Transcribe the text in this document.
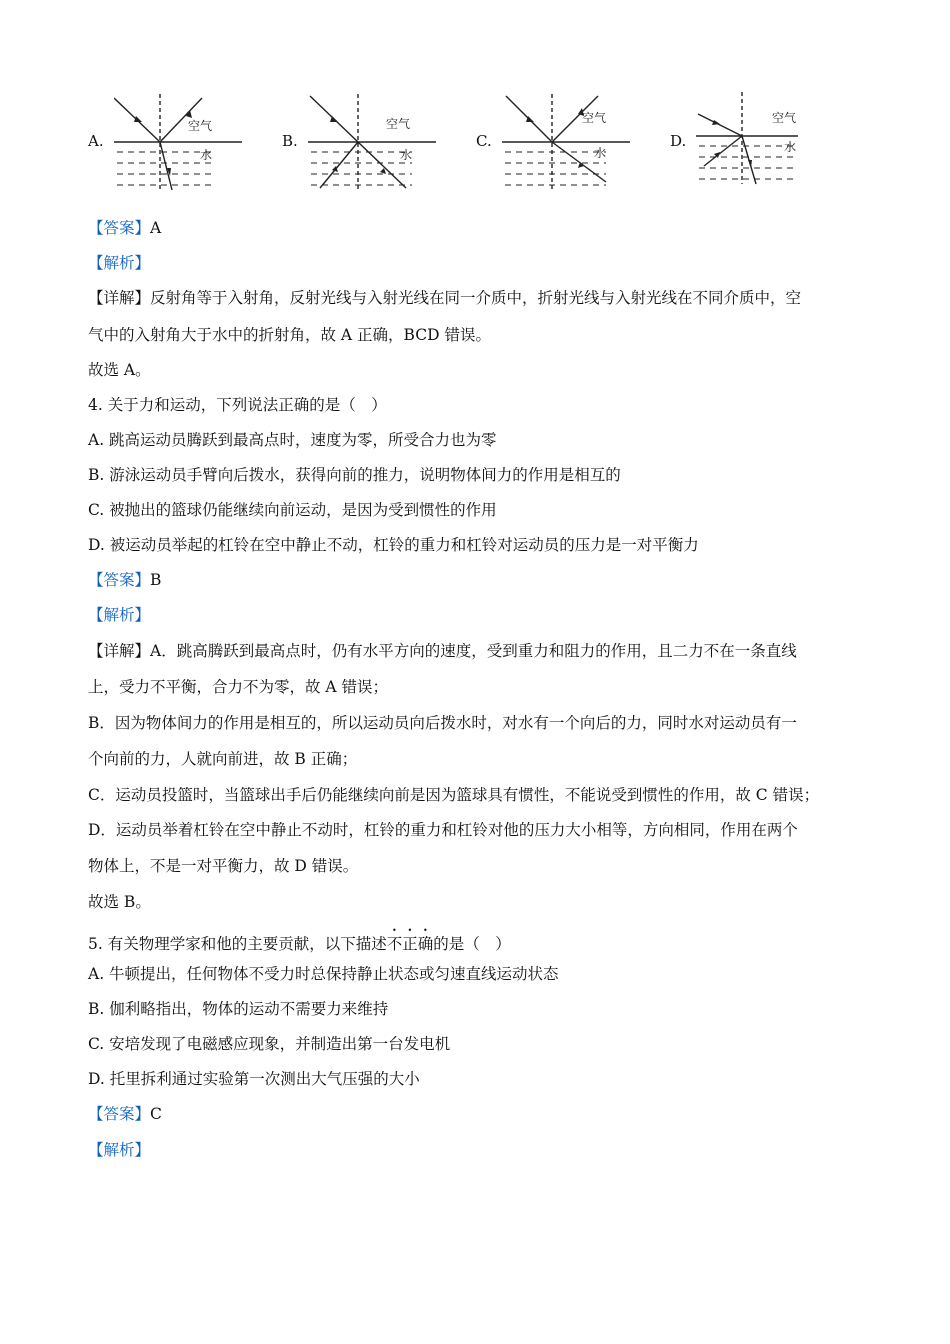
A.
空气
水
B.
空气
水
C.
空气
水
D.
空气
水
【答案】A
【解析】
【详解】反射角等于入射角，反射光线与入射光线在同一介质中，折射光线与入射光线在不同介质中，空
气中的入射角大于水中的折射角，故 A 正确，BCD 错误。
故选 A。
4. 关于力和运动，下列说法正确的是（　）
A. 跳高运动员腾跃到最高点时，速度为零，所受合力也为零
B. 游泳运动员手臂向后拨水，获得向前的推力，说明物体间力的作用是相互的
C. 被抛出的篮球仍能继续向前运动，是因为受到惯性的作用
D. 被运动员举起的杠铃在空中静止不动，杠铃的重力和杠铃对运动员的压力是一对平衡力
【答案】B
【解析】
【详解】A．跳高腾跃到最高点时，仍有水平方向的速度，受到重力和阻力的作用，且二力不在一条直线
上，受力不平衡，合力不为零，故 A 错误；
B．因为物体间力的作用是相互的，所以运动员向后拨水时，对水有一个向后的力，同时水对运动员有一
个向前的力，人就向前进，故 B 正确；
C．运动员投篮时，当篮球出手后仍能继续向前是因为篮球具有惯性，不能说受到惯性的作用，故 C 错误；
D．运动员举着杠铃在空中静止不动时，杠铃的重力和杠铃对他的压力大小相等，方向相同，作用在两个
物体上，不是一对平衡力，故 D 错误。
故选 B。
5. 有关物理学家和他的主要贡献，以下描述不正确的是（　）
A. 牛顿提出，任何物体不受力时总保持静止状态或匀速直线运动状态
B. 伽利略指出，物体的运动不需要力来维持
C. 安培发现了电磁感应现象，并制造出第一台发电机
D. 托里拆利通过实验第一次测出大气压强的大小
【答案】C
【解析】
